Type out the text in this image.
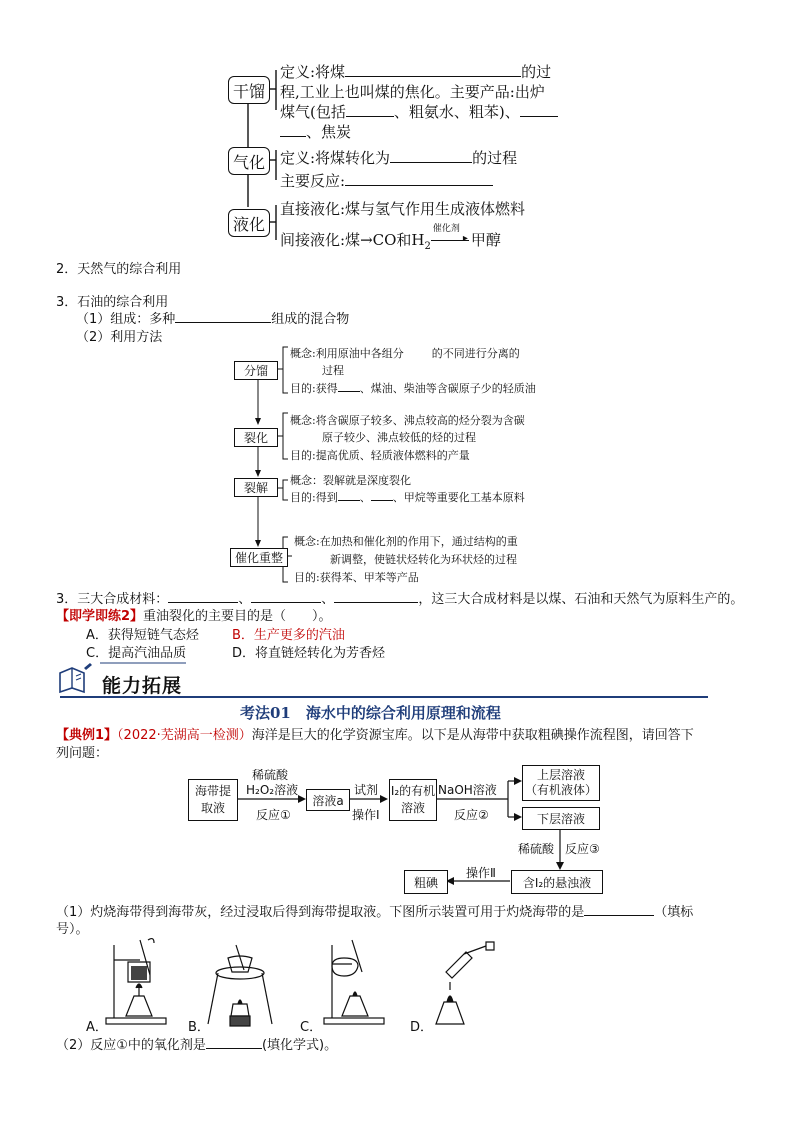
干馏
气化
液化
定义:将煤	的过
程,工业上也叫煤的焦化。主要产品:出炉
煤气(包括	、粗氨水、粗苯)、
、焦炭
定义:将煤转化为	的过程
主要反应:
直接液化:煤与氢气作用生成液体燃料
间接液化:煤→CO和$H_2$
催化剂
▸ 甲醇
2．天然气的综合利用
3．石油的综合利用
（1）组成：多种	组成的混合物
（2）利用方法
分馏
裂化
裂解
催化重整
概念:利用原油中各组分	的不同进行分离的
过程
目的:获得 、煤油、柴油等含碳原子少的轻质油
概念:将含碳原子较多、沸点较高的烃分裂为含碳
原子较少、沸点较低的烃的过程
目的:提高优质、轻质液体燃料的产量
概念：裂解就是深度裂化
目的:得到 、 、甲烷等重要化工基本原料
概念:在加热和催化剂的作用下，通过结构的重
新调整，使链状烃转化为环状烃的过程
目的:获得苯、甲苯等产品
3．三大合成材料：	、	、	，这三大合成材料是以煤、石油和天然气为原料生产的。
【即学即练2】重油裂化的主要目的是（　　）。
A．获得短链气态烃	B．生产更多的汽油
C．提高汽油品质	D．将直链烃转化为芳香烃
能力拓展
考法01　海水中的综合利用原理和流程
【典例1】（2022·芜湖高一检测）海洋是巨大的化学资源宝库。以下是从海带中获取粗碘操作流程图，请回答下
列问题：
海带提
取液
稀硫酸
H₂O₂溶液
反应①
溶液a
试剂
操作Ⅰ
I₂的有机
溶液
NaOH溶液
反应②
上层溶液
（有机液体）
下层溶液
稀硫酸 反应③
含I₂的悬浊液
操作Ⅱ
粗碘
（1）灼烧海带得到海带灰，经过浸取后得到海带提取液。下图所示装置可用于灼烧海带的是	（填标
号）。
A．	B．	C．	D．
（2）反应①中的氧化剂是	(填化学式)。
